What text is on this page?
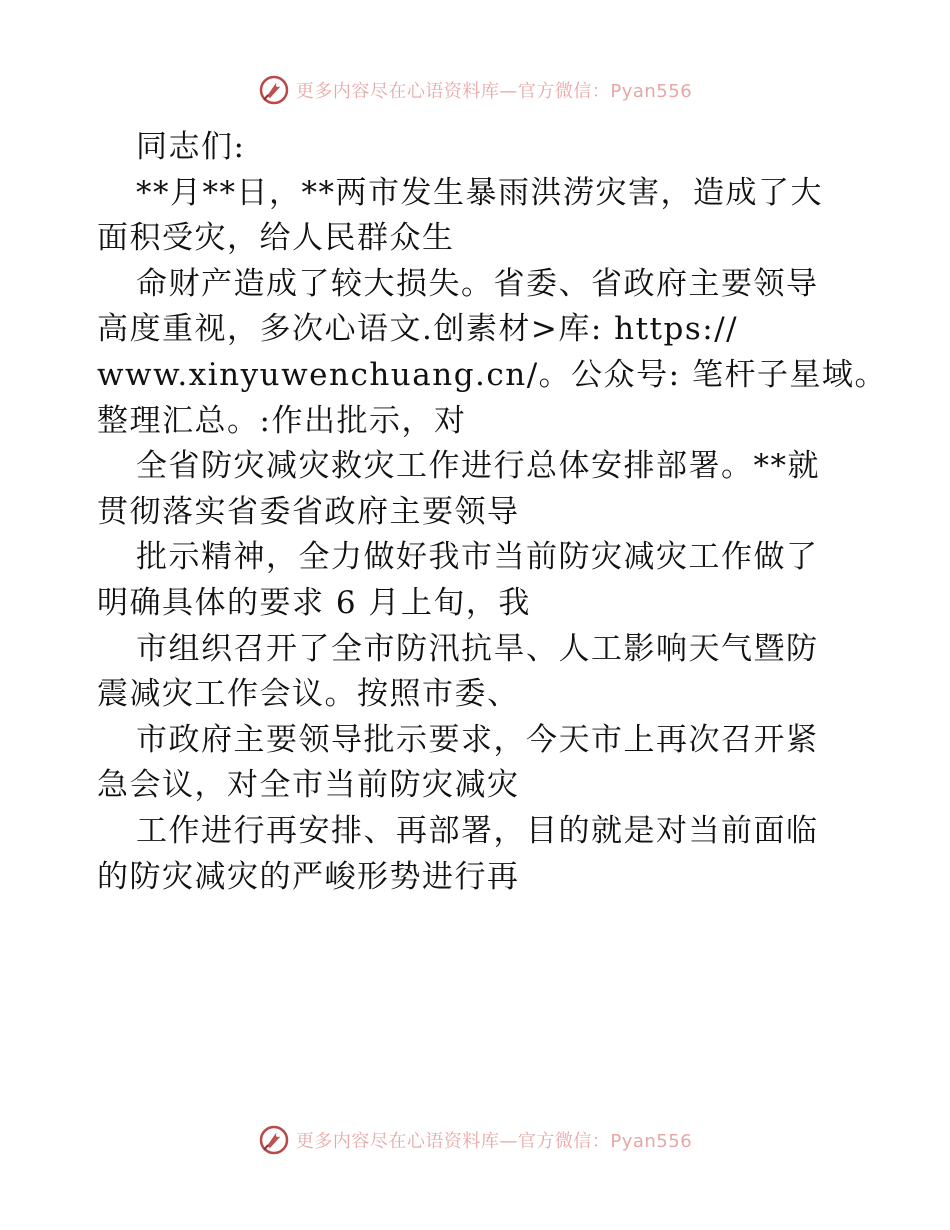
更多内容尽在心语资料库—官方微信：Pyan556
同志们:
**月**日，**两市发生暴雨洪涝灾害，造成了大
面积受灾，给人民群众生
命财产造成了较大损失。省委、省政府主要领导
高度重视，多次心语文.创素材>库: https://
www.xinyuwenchuang.cn/。公众号: 笔杆子星域。
整理汇总。:作出批示，对
全省防灾减灾救灾工作进行总体安排部署。**就
贯彻落实省委省政府主要领导
批示精神，全力做好我市当前防灾减灾工作做了
明确具体的要求 6 月上旬，我
市组织召开了全市防汛抗旱、人工影响天气暨防
震减灾工作会议。按照市委、
市政府主要领导批示要求，今天市上再次召开紧
急会议，对全市当前防灾减灾
工作进行再安排、再部署，目的就是对当前面临
的防灾减灾的严峻形势进行再
更多内容尽在心语资料库—官方微信：Pyan556
